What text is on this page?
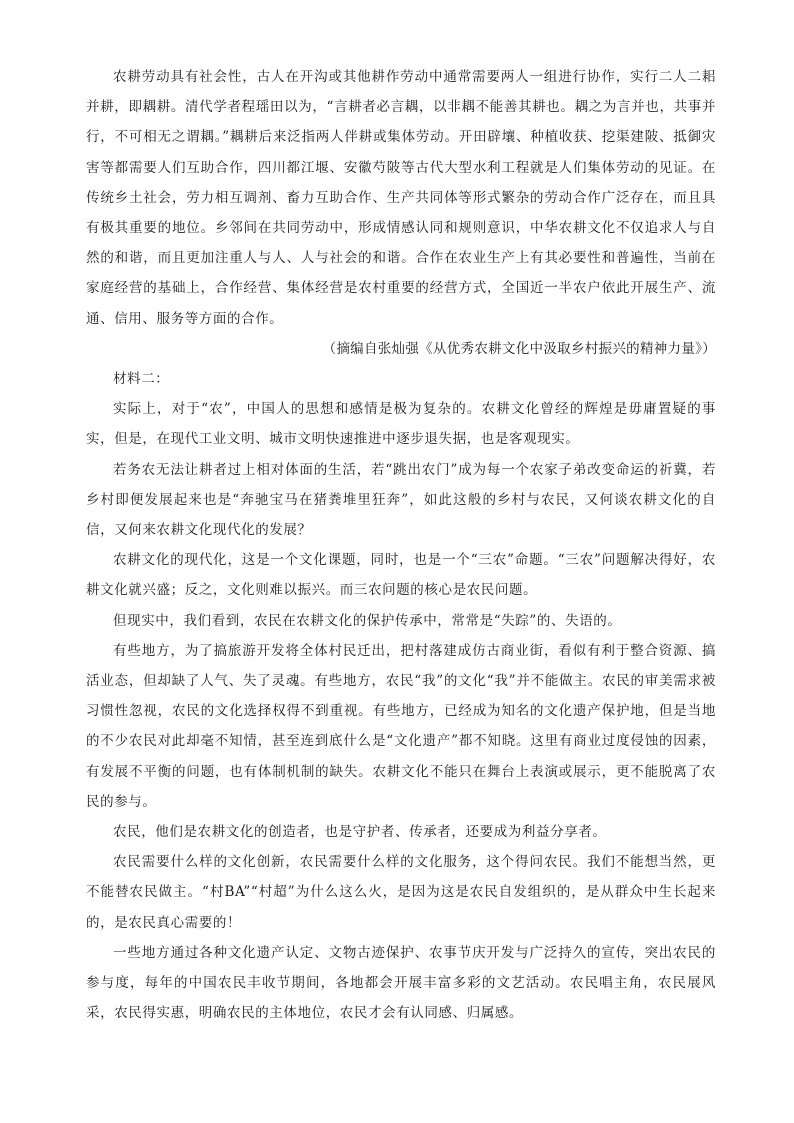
农耕劳动具有社会性，古人在开沟或其他耕作劳动中通常需要两人一组进行协作，实行二人二耜并耕，即耦耕。清代学者程瑶田以为，“言耕者必言耦，以非耦不能善其耕也。耦之为言并也，共事并行，不可相无之谓耦。”耦耕后来泛指两人伴耕或集体劳动。开田辟壤、种植收获、挖渠建陂、抵御灾害等都需要人们互助合作，四川都江堰、安徽芍陂等古代大型水利工程就是人们集体劳动的见证。在传统乡土社会，劳力相互调剂、畜力互助合作、生产共同体等形式繁杂的劳动合作广泛存在，而且具有极其重要的地位。乡邻间在共同劳动中，形成情感认同和规则意识，中华农耕文化不仅追求人与自然的和谐，而且更加注重人与人、人与社会的和谐。合作在农业生产上有其必要性和普遍性，当前在家庭经营的基础上，合作经营、集体经营是农村重要的经营方式，全国近一半农户依此开展生产、流通、信用、服务等方面的合作。

（摘编自张灿强《从优秀农耕文化中汲取乡村振兴的精神力量》）

材料二：

实际上，对于“农”，中国人的思想和感情是极为复杂的。农耕文化曾经的辉煌是毋庸置疑的事实，但是，在现代工业文明、城市文明快速推进中逐步退失据，也是客观现实。

若务农无法让耕者过上相对体面的生活，若“跳出农门”成为每一个农家子弟改变命运的祈冀，若乡村即便发展起来也是“奔驰宝马在猪粪堆里狂奔”，如此这般的乡村与农民，又何谈农耕文化的自信，又何来农耕文化现代化的发展？

农耕文化的现代化，这是一个文化课题，同时，也是一个“三农”命题。“三农”问题解决得好，农耕文化就兴盛；反之，文化则难以振兴。而三农问题的核心是农民问题。

但现实中，我们看到，农民在农耕文化的保护传承中，常常是“失踪”的、失语的。

有些地方，为了搞旅游开发将全体村民迁出，把村落建成仿古商业街，看似有利于整合资源、搞活业态，但却缺了人气、失了灵魂。有些地方，农民“我”的文化“我”并不能做主。农民的审美需求被习惯性忽视，农民的文化选择权得不到重视。有些地方，已经成为知名的文化遗产保护地，但是当地的不少农民对此却毫不知情，甚至连到底什么是“文化遗产”都不知晓。这里有商业过度侵蚀的因素，有发展不平衡的问题，也有体制机制的缺失。农耕文化不能只在舞台上表演或展示，更不能脱离了农民的参与。

农民，他们是农耕文化的创造者，也是守护者、传承者，还要成为利益分享者。

农民需要什么样的文化创新，农民需要什么样的文化服务，这个得问农民。我们不能想当然，更不能替农民做主。“村BA”“村超”为什么这么火，是因为这是农民自发组织的，是从群众中生长起来的，是农民真心需要的！

一些地方通过各种文化遗产认定、文物古迹保护、农事节庆开发与广泛持久的宣传，突出农民的参与度，每年的中国农民丰收节期间，各地都会开展丰富多彩的文艺活动。农民唱主角，农民展风采，农民得实惠，明确农民的主体地位，农民才会有认同感、归属感。
